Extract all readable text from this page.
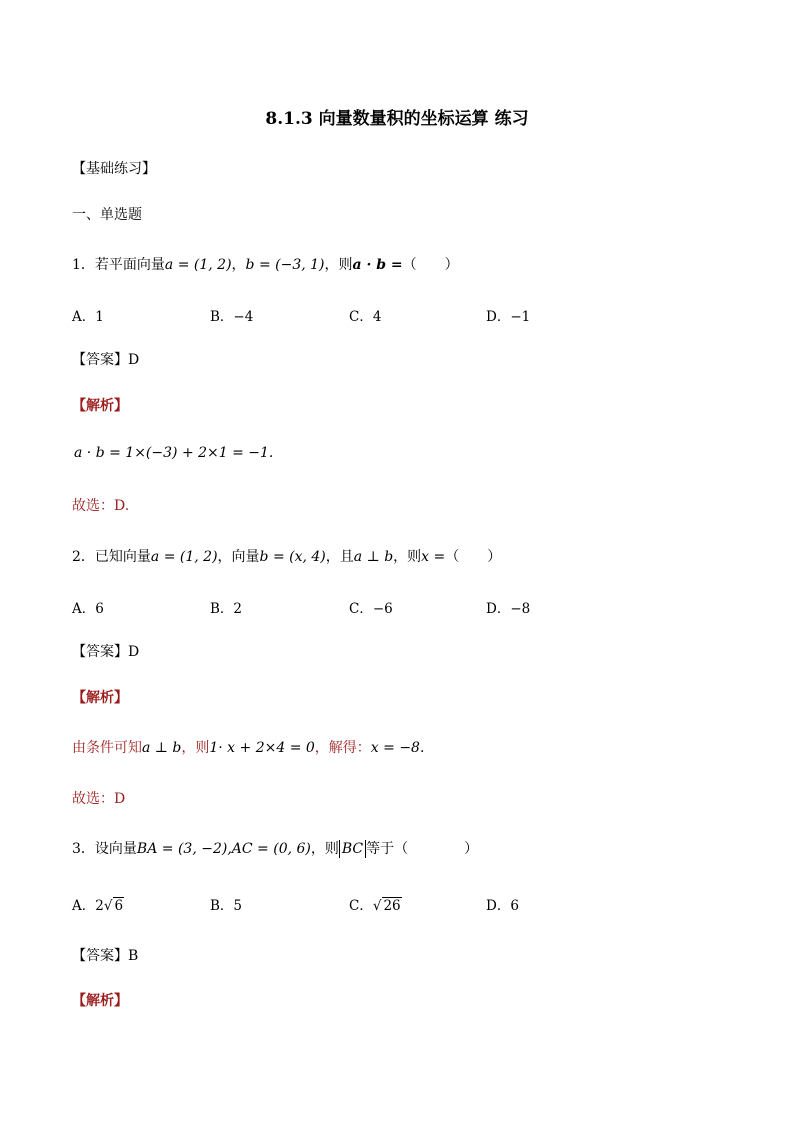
8.1.3 向量数量积的坐标运算 练习
【基础练习】
一、单选题
1．若平面向量a = (1, 2)，b = (−3, 1)，则a · b =（　　）
A．1	B．−4	C．4	D．−1
【答案】D
【解析】
a · b = 1×(−3) + 2×1 = −1.
故选：D.
2．已知向量a = (1, 2)，向量b = (x, 4)，且a ⊥ b，则x =（　　）
A．6	B．2	C．−6	D．−8
【答案】D
【解析】
由条件可知a ⊥ b，则1· x + 2×4 = 0，解得：x = −8.
故选：D
3．设向量BA = (3, −2),AC = (0, 6)，则 BC 等于（　　　　）
A．2√ 6	B．5	C．√ 26	D．6
【答案】B
【解析】
